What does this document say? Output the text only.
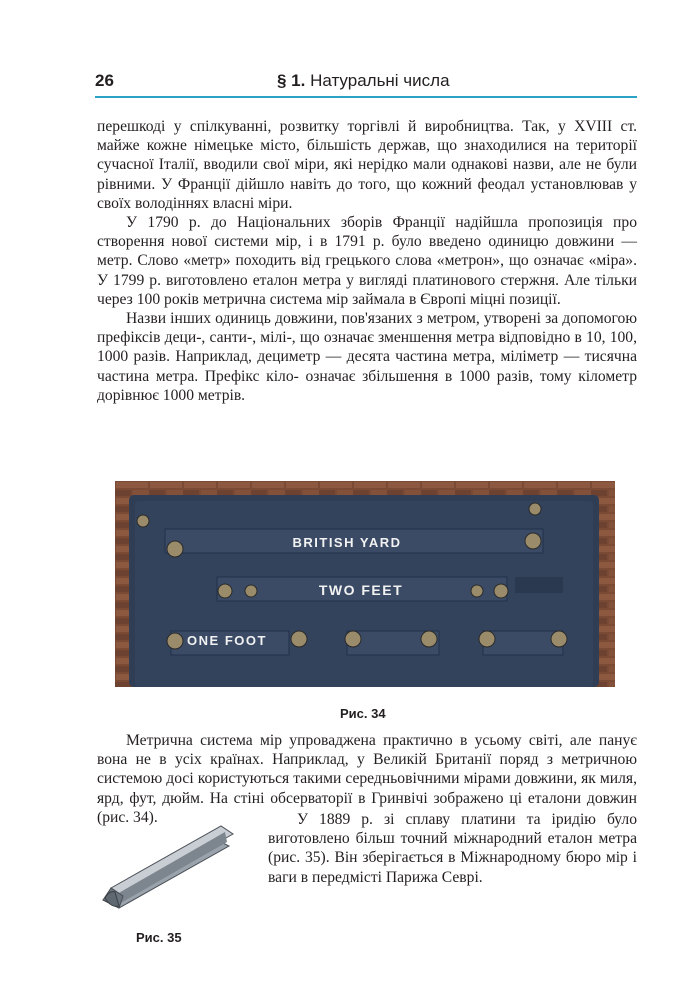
26	§ 1. Натуральні числа

перешкоді у спілкуванні, розвитку торгівлі й виробництва. Так, у XVIII ст. майже кожне німецьке місто, більшість держав, що знаходилися на території сучасної Італії, вводили свої міри, які нерідко мали однакові назви, але не були рівними. У Франції дійшло навіть до того, що кожний феодал установлював у своїх володіннях власні міри.

У 1790 р. до Національних зборів Франції надійшла пропозиція про створення нової системи мір, і в 1791 р. було введено одиницю довжини — метр. Слово «метр» походить від грецького слова «метрон», що означає «міра». У 1799 р. виготовлено еталон метра у вигляді платинового стержня. Але тільки через 100 років метрична система мір займала в Європі міцні позиції.

Назви інших одиниць довжини, пов'язаних з метром, утворені за допомогою префіксів деци-, санти-, мілі-, що означає зменшення метра відповідно в 10, 100, 1000 разів. Наприклад, дециметр — десята частина метра, міліметр — тисячна частина метра. Префікс кіло- означає збільшення в 1000 разів, тому кілометр дорівнює 1000 метрів.

BRITISH YARD
TWO FEET
ONE FOOT
Рис. 34

Метрична система мір упроваджена практично в усьому світі, але панує вона не в усіх країнах. Наприклад, у Великій Британії поряд з метричною системою досі користуються такими середньовічними мірами довжини, як миля, ярд, фут, дюйм. На стіні обсерваторії в Гринвічі зображено ці еталони довжин (рис. 34).	У 1889 р. зі сплаву платини та іридію було виготовлено більш точний міжнародний еталон метра (рис. 35). Він зберігається в Міжнародному бюро мір і ваги в передмісті Парижа Севрі.

Рис. 35
